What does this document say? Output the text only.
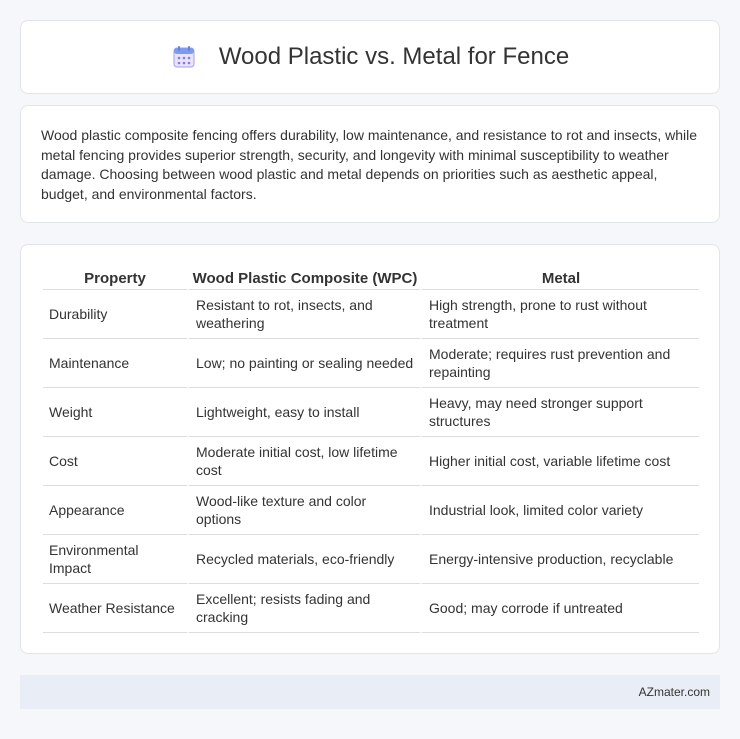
Wood Plastic vs. Metal for Fence

Wood plastic composite fencing offers durability, low maintenance, and resistance to rot and insects, while metal fencing provides superior strength, security, and longevity with minimal susceptibility to weather damage. Choosing between wood plastic and metal depends on priorities such as aesthetic appeal, budget, and environmental factors.

Property	Wood Plastic Composite (WPC)	Metal
Durability	Resistant to rot, insects, and weathering	High strength, prone to rust without treatment
Maintenance	Low; no painting or sealing needed	Moderate; requires rust prevention and repainting
Weight	Lightweight, easy to install	Heavy, may need stronger support structures
Cost	Moderate initial cost, low lifetime cost	Higher initial cost, variable lifetime cost
Appearance	Wood-like texture and color options	Industrial look, limited color variety
Environmental Impact	Recycled materials, eco-friendly	Energy-intensive production, recyclable
Weather Resistance	Excellent; resists fading and cracking	Good; may corrode if untreated
AZmater.com
